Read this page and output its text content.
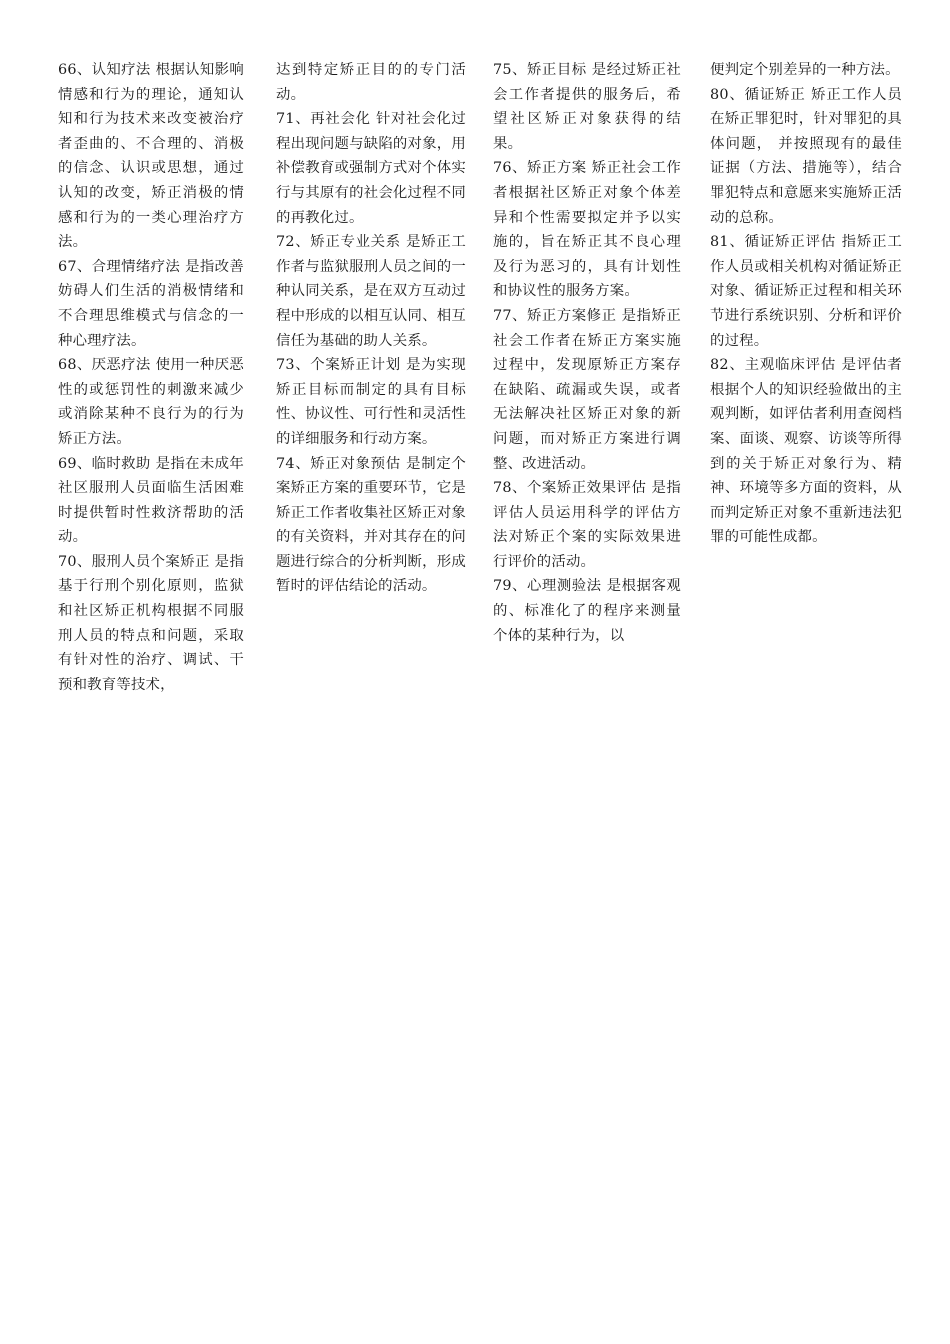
66、认知疗法 根据认知影响情感和行为的理论，通知认知和行为技术来改变被治疗者歪曲的、不合理的、消极的信念、认识或思想，通过认知的改变，矫正消极的情感和行为的一类心理治疗方法。

67、合理情绪疗法 是指改善妨碍人们生活的消极情绪和不合理思维模式与信念的一种心理疗法。

68、厌恶疗法 使用一种厌恶性的或惩罚性的刺激来减少或消除某种不良行为的行为矫正方法。

69、临时救助 是指在未成年社区服刑人员面临生活困难时提供暂时性救济帮助的活动。

70、服刑人员个案矫正 是指基于行刑个别化原则，监狱和社区矫正机构根据不同服刑人员的特点和问题，采取有针对性的治疗、调试、干预和教育等技术，

达到特定矫正目的的专门活动。

71、再社会化 针对社会化过程出现问题与缺陷的对象，用补偿教育或强制方式对个体实行与其原有的社会化过程不同的再教化过。

72、矫正专业关系 是矫正工作者与监狱服刑人员之间的一种认同关系，是在双方互动过程中形成的以相互认同、相互信任为基础的助人关系。

73、个案矫正计划 是为实现矫正目标而制定的具有目标性、协议性、可行性和灵活性的详细服务和行动方案。

74、矫正对象预估 是制定个案矫正方案的重要环节，它是矫正工作者收集社区矫正对象的有关资料，并对其存在的问题进行综合的分析判断，形成暂时的评估结论的活动。

75、矫正目标 是经过矫正社会工作者提供的服务后，希望社区矫正对象获得的结果。

76、矫正方案 矫正社会工作者根据社区矫正对象个体差异和个性需要拟定并予以实施的，旨在矫正其不良心理及行为恶习的，具有计划性和协议性的服务方案。

77、矫正方案修正 是指矫正社会工作者在矫正方案实施过程中，发现原矫正方案存在缺陷、疏漏或失误，或者无法解决社区矫正对象的新问题，而对矫正方案进行调整、改进活动。

78、个案矫正效果评估 是指评估人员运用科学的评估方法对矫正个案的实际效果进行评价的活动。

79、心理测验法 是根据客观的、标准化了的程序来测量个体的某种行为，以

便判定个别差异的一种方法。

80、循证矫正 矫正工作人员在矫正罪犯时，针对罪犯的具体问题， 并按照现有的最佳证据（方法、措施等），结合罪犯特点和意愿来实施矫正活动的总称。

81、循证矫正评估 指矫正工作人员或相关机构对循证矫正对象、循证矫正过程和相关环节进行系统识别、分析和评价的过程。

82、主观临床评估 是评估者根据个人的知识经验做出的主观判断，如评估者利用查阅档案、面谈、观察、访谈等所得到的关于矫正对象行为、精神、环境等多方面的资料，从而判定矫正对象不重新违法犯罪的可能性成都。
